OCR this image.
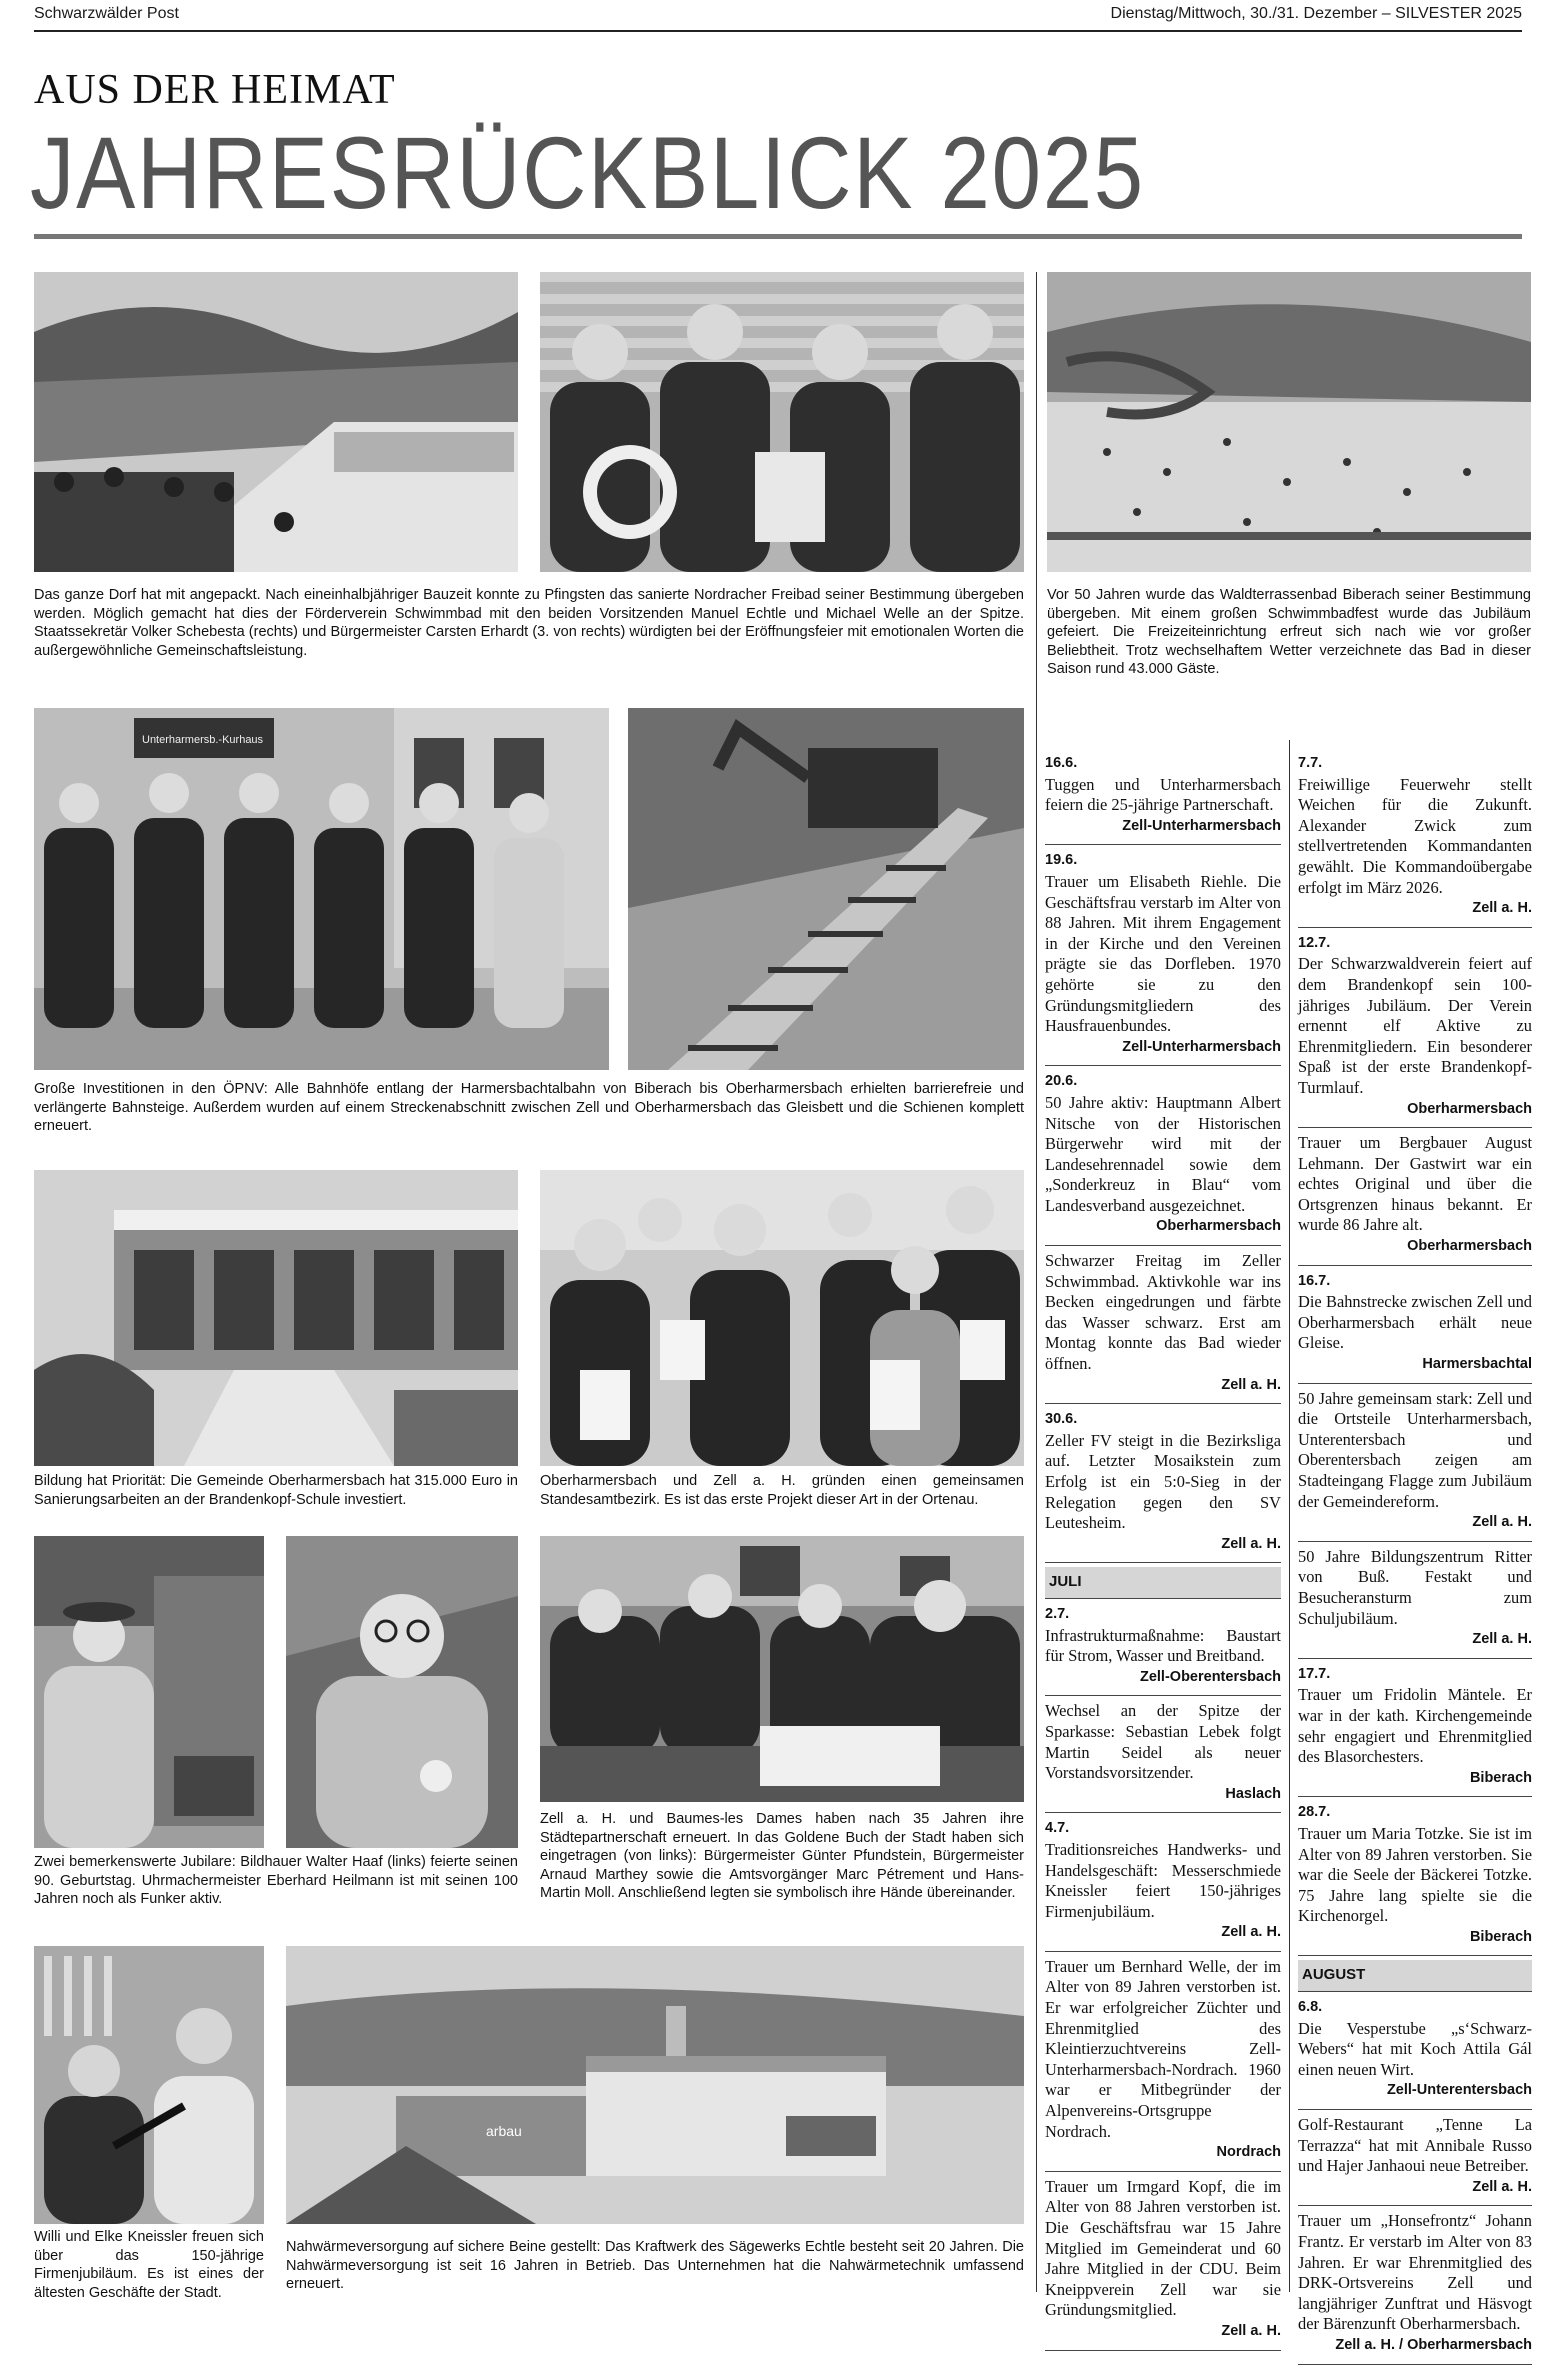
Schwarzwälder Post	Dienstag/Mittwoch, 30./31. Dezember – SILVESTER 2025
AUS DER HEIMAT
JAHRESRÜCKBLICK 2025

Das ganze Dorf hat mit angepackt. Nach eineinhalbjähriger Bauzeit konnte zu Pfingsten das sanierte Nordracher Freibad seiner Bestimmung übergeben werden. Möglich gemacht hat dies der Förderverein Schwimmbad mit den beiden Vorsitzenden Manuel Echtle und Michael Welle an der Spitze. Staatssekretär Volker Schebesta (rechts) und Bürgermeister Carsten Erhardt (3. von rechts) würdigten bei der Eröffnungsfeier mit emotionalen Worten die außergewöhnliche Gemeinschaftsleistung.

Vor 50 Jahren wurde das Waldterrassenbad Biberach seiner Bestimmung übergeben. Mit einem großen Schwimmbadfest wurde das Jubiläum gefeiert. Die Freizeiteinrichtung erfreut sich nach wie vor großer Beliebtheit. Trotz wechselhaftem Wetter verzeichnete das Bad in dieser Saison rund 43.000 Gäste.

Unterharmersb.-Kurhaus

Große Investitionen in den ÖPNV: Alle Bahnhöfe entlang der Harmersbachtalbahn von Biberach bis Oberharmersbach erhielten barrierefreie und verlängerte Bahnsteige. Außerdem wurden auf einem Streckenabschnitt zwischen Zell und Oberharmersbach das Gleisbett und die Schienen komplett erneuert.

Bildung hat Priorität: Die Gemeinde Oberharmersbach hat 315.000 Euro in Sanierungsarbeiten an der Brandenkopf-Schule investiert.

Oberharmersbach und Zell a. H. gründen einen gemeinsamen Standesamtbezirk. Es ist das erste Projekt dieser Art in der Ortenau.

Zwei bemerkenswerte Jubilare: Bildhauer Walter Haaf (links) feierte seinen 90. Geburtstag. Uhrmachermeister Eberhard Heilmann ist mit seinen 100 Jahren noch als Funker aktiv.

Zell a. H. und Baumes-les Dames haben nach 35 Jahren ihre Städtepartnerschaft erneuert. In das Goldene Buch der Stadt haben sich eingetragen (von links): Bürgermeister Günter Pfundstein, Bürgermeister Arnaud Marthey sowie die Amtsvorgänger Marc Pétrement und Hans-Martin Moll. Anschließend legten sie symbolisch ihre Hände übereinander.

arbau

Willi und Elke Kneissler freuen sich über das 150-jährige Firmenjubiläum. Es ist eines der ältesten Geschäfte der Stadt.

Nahwärmeversorgung auf sichere Beine gestellt: Das Kraftwerk des Sägewerks Echtle besteht seit 20 Jahren. Die Nahwärmeversorgung ist seit 16 Jahren in Betrieb. Das Unternehmen hat die Nahwärmetechnik umfassend erneuert.

16.6.
Tuggen und Unterharmersbach feiern die 25-jährige Partnerschaft.
Zell-Unterharmersbach
19.6.
Trauer um Elisabeth Riehle. Die Geschäftsfrau verstarb im Alter von 88 Jahren. Mit ihrem Engagement in der Kirche und den Vereinen prägte sie das Dorfleben. 1970 gehörte sie zu den Gründungsmitgliedern des Hausfrauenbundes.
Zell-Unterharmersbach
20.6.
50 Jahre aktiv: Hauptmann Albert Nitsche von der Historischen Bürgerwehr wird mit der Landesehrennadel sowie dem „Sonderkreuz in Blau“ vom Landesverband ausgezeichnet.
Oberharmersbach
Schwarzer Freitag im Zeller Schwimmbad. Aktivkohle war ins Becken eingedrungen und färbte das Wasser schwarz. Erst am Montag konnte das Bad wieder öffnen.
Zell a. H.
30.6.
Zeller FV steigt in die Bezirksliga auf. Letzter Mosaikstein zum Erfolg ist ein 5:0-Sieg in der Relegation gegen den SV Leutesheim.
Zell a. H.
JULI
2.7.
Infrastrukturmaßnahme: Baustart für Strom, Wasser und Breitband.
Zell-Oberentersbach
Wechsel an der Spitze der Sparkasse: Sebastian Lebek folgt Martin Seidel als neuer Vorstandsvorsitzender.
Haslach
4.7.
Traditionsreiches Handwerks- und Handelsgeschäft: Messerschmiede Kneissler feiert 150-jähriges Firmenjubiläum.
Zell a. H.
Trauer um Bernhard Welle, der im Alter von 89 Jahren verstorben ist. Er war erfolgreicher Züchter und Ehrenmitglied des Kleintierzuchtvereins Zell-Unterharmersbach-Nordrach. 1960 war er Mitbegründer der Alpenvereins-Ortsgruppe Nordrach.
Nordrach
Trauer um Irmgard Kopf, die im Alter von 88 Jahren verstorben ist. Die Geschäftsfrau war 15 Jahre Mitglied im Gemeinderat und 60 Jahre Mitglied in der CDU. Beim Kneippverein Zell war sie Gründungsmitglied.
Zell a. H.
7.7.
Freiwillige Feuerwehr stellt Weichen für die Zukunft. Alexander Zwick zum stellvertretenden Kommandanten gewählt. Die Kommandoübergabe erfolgt im März 2026.
Zell a. H.
12.7.
Der Schwarzwaldverein feiert auf dem Brandenkopf sein 100-jähriges Jubiläum. Der Verein ernennt elf Aktive zu Ehrenmitgliedern. Ein besonderer Spaß ist der erste Brandenkopf-Turmlauf.
Oberharmersbach
Trauer um Bergbauer August Lehmann. Der Gastwirt war ein echtes Original und über die Ortsgrenzen hinaus bekannt. Er wurde 86 Jahre alt.
Oberharmersbach
16.7.
Die Bahnstrecke zwischen Zell und Oberharmersbach erhält neue Gleise.
Harmersbachtal
50 Jahre gemeinsam stark: Zell und die Ortsteile Unterharmersbach, Unterentersbach und Oberentersbach zeigen am Stadteingang Flagge zum Jubiläum der Gemeindereform.
Zell a. H.
50 Jahre Bildungszentrum Ritter von Buß. Festakt und Besucheransturm zum Schuljubiläum.
Zell a. H.
17.7.
Trauer um Fridolin Mäntele. Er war in der kath. Kirchengemeinde sehr engagiert und Ehrenmitglied des Blasorchesters.
Biberach
28.7.
Trauer um Maria Totzke. Sie ist im Alter von 89 Jahren verstorben. Sie war die Seele der Bäckerei Totzke. 75 Jahre lang spielte sie die Kirchenorgel.
Biberach
AUGUST
6.8.
Die Vesperstube „s‘Schwarz-Webers“ hat mit Koch Attila Gál einen neuen Wirt.
Zell-Unterentersbach
Golf-Restaurant „Tenne La Terrazza“ hat mit Annibale Russo und Hajer Janhaoui neue Betreiber.
Zell a. H.
Trauer um „Honsefrontz“ Johann Frantz. Er verstarb im Alter von 83 Jahren. Er war Ehrenmitglied des DRK-Ortsvereins Zell und langjähriger Zunftrat und Häsvogt der Bärenzunft Oberharmersbach.
Zell a. H. / Oberharmersbach
